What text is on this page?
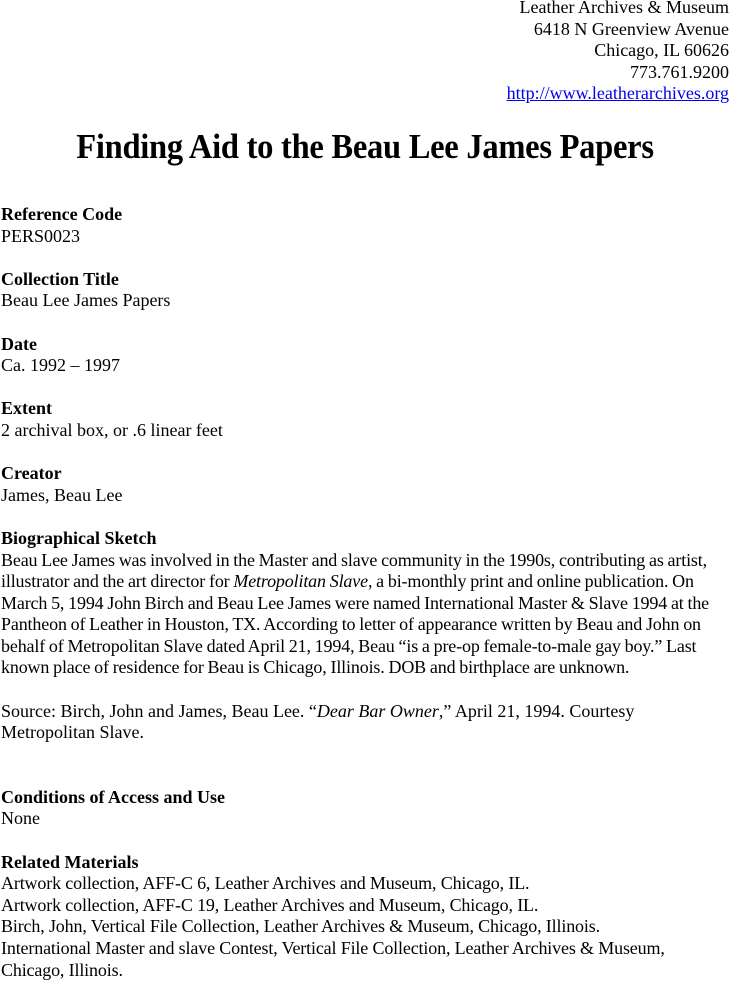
Leather Archives & Museum
6418 N Greenview Avenue
Chicago, IL 60626
773.761.9200
http://www.leatherarchives.org
Finding Aid to the Beau Lee James Papers
Reference Code
PERS0023
Collection Title
Beau Lee James Papers
Date
Ca. 1992 – 1997
Extent
2 archival box, or .6 linear feet
Creator
James, Beau Lee
Biographical Sketch

Beau Lee James was involved in the Master and slave community in the 1990s, contributing as artist, illustrator and the art director for Metropolitan Slave, a bi-monthly print and online publication. On March 5, 1994 John Birch and Beau Lee James were named International Master & Slave 1994 at the Pantheon of Leather in Houston, TX. According to letter of appearance written by Beau and John on behalf of Metropolitan Slave dated April 21, 1994, Beau “is a pre-op female-to-male gay boy.” Last known place of residence for Beau is Chicago, Illinois. DOB and birthplace are unknown.

Source: Birch, John and James, Beau Lee. “Dear Bar Owner,” April 21, 1994. Courtesy Metropolitan Slave.

Conditions of Access and Use
None
Related Materials
Artwork collection, AFF-C 6, Leather Archives and Museum, Chicago, IL.
Artwork collection, AFF-C 19, Leather Archives and Museum, Chicago, IL.
Birch, John, Vertical File Collection, Leather Archives & Museum, Chicago, Illinois.
International Master and slave Contest, Vertical File Collection, Leather Archives & Museum, Chicago, Illinois.
